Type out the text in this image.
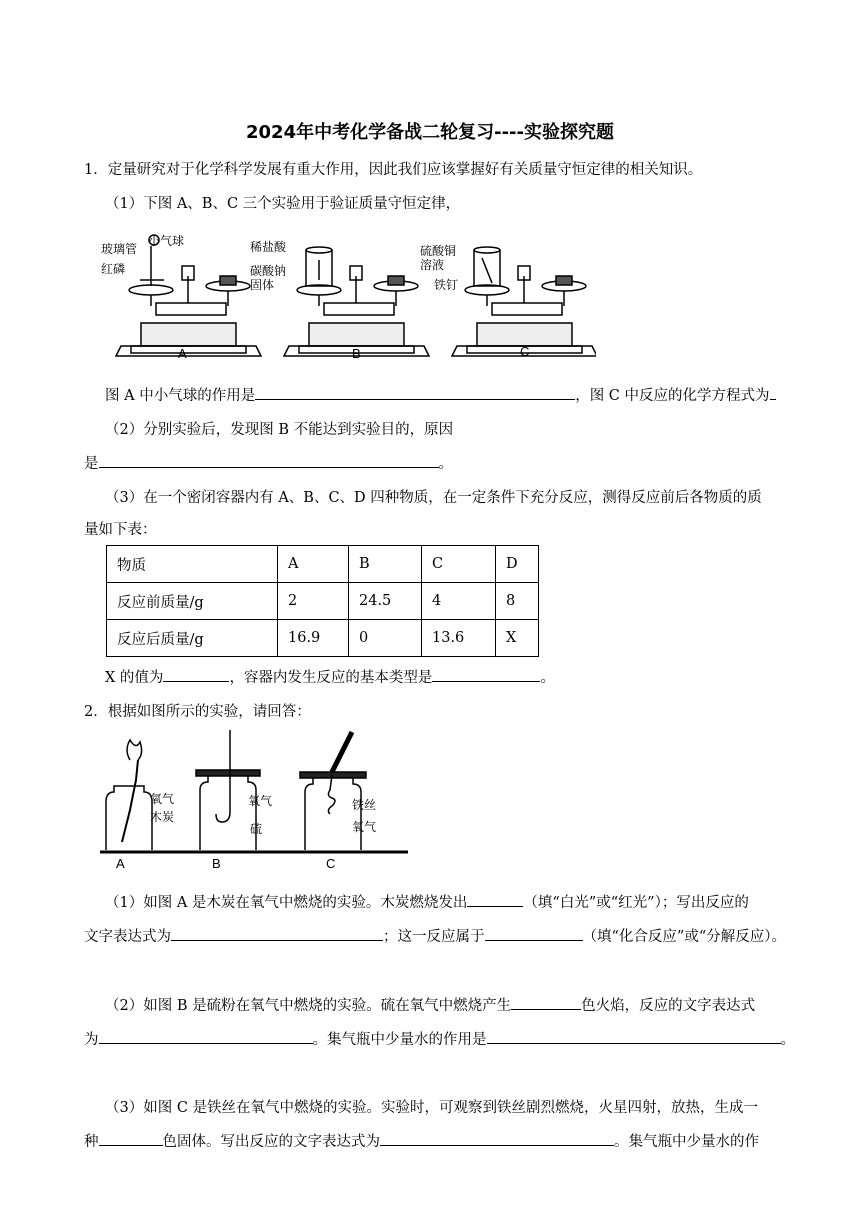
2024年中考化学备战二轮复习----实验探究题
1．定量研究对于化学科学发展有重大作用，因此我们应该掌握好有关质量守恒定律的相关知识。
（1）下图 A、B、C 三个实验用于验证质量守恒定律，
玻璃管
小气球
红磷
稀盐酸
碳酸钠
固体
硫酸铜
溶液
铁钉
A	B	C
图 A 中小气球的作用是	，图 C 中反应的化学方程式为
（2）分别实验后，发现图 B 不能达到实验目的，原因
是	。
（3）在一个密闭容器内有 A、B、C、D 四种物质，在一定条件下充分反应，测得反应前后各物质的质
量如下表：
物质	A	B	C	D
反应前质量/g	2	24.5	4	8
反应后质量/g	16.9	0	13.6	X
X 的值为	，容器内发生反应的基本类型是	。
2．根据如图所示的实验，请回答：
氧气
木炭
氧气
硫
铁丝
氧气
A	B	C
（1）如图 A 是木炭在氧气中燃烧的实验。木炭燃烧发出	（填“白光”或“红光”）；写出反应的
文字表达式为	；这一反应属于	（填“化合反应”或“分解反应）。
（2）如图 B 是硫粉在氧气中燃烧的实验。硫在氧气中燃烧产生	色火焰，反应的文字表达式
为	。集气瓶中少量水的作用是	。
（3）如图 C 是铁丝在氧气中燃烧的实验。实验时，可观察到铁丝剧烈燃烧，火星四射，放热，生成一
种	色固体。写出反应的文字表达式为	。集气瓶中少量水的作
